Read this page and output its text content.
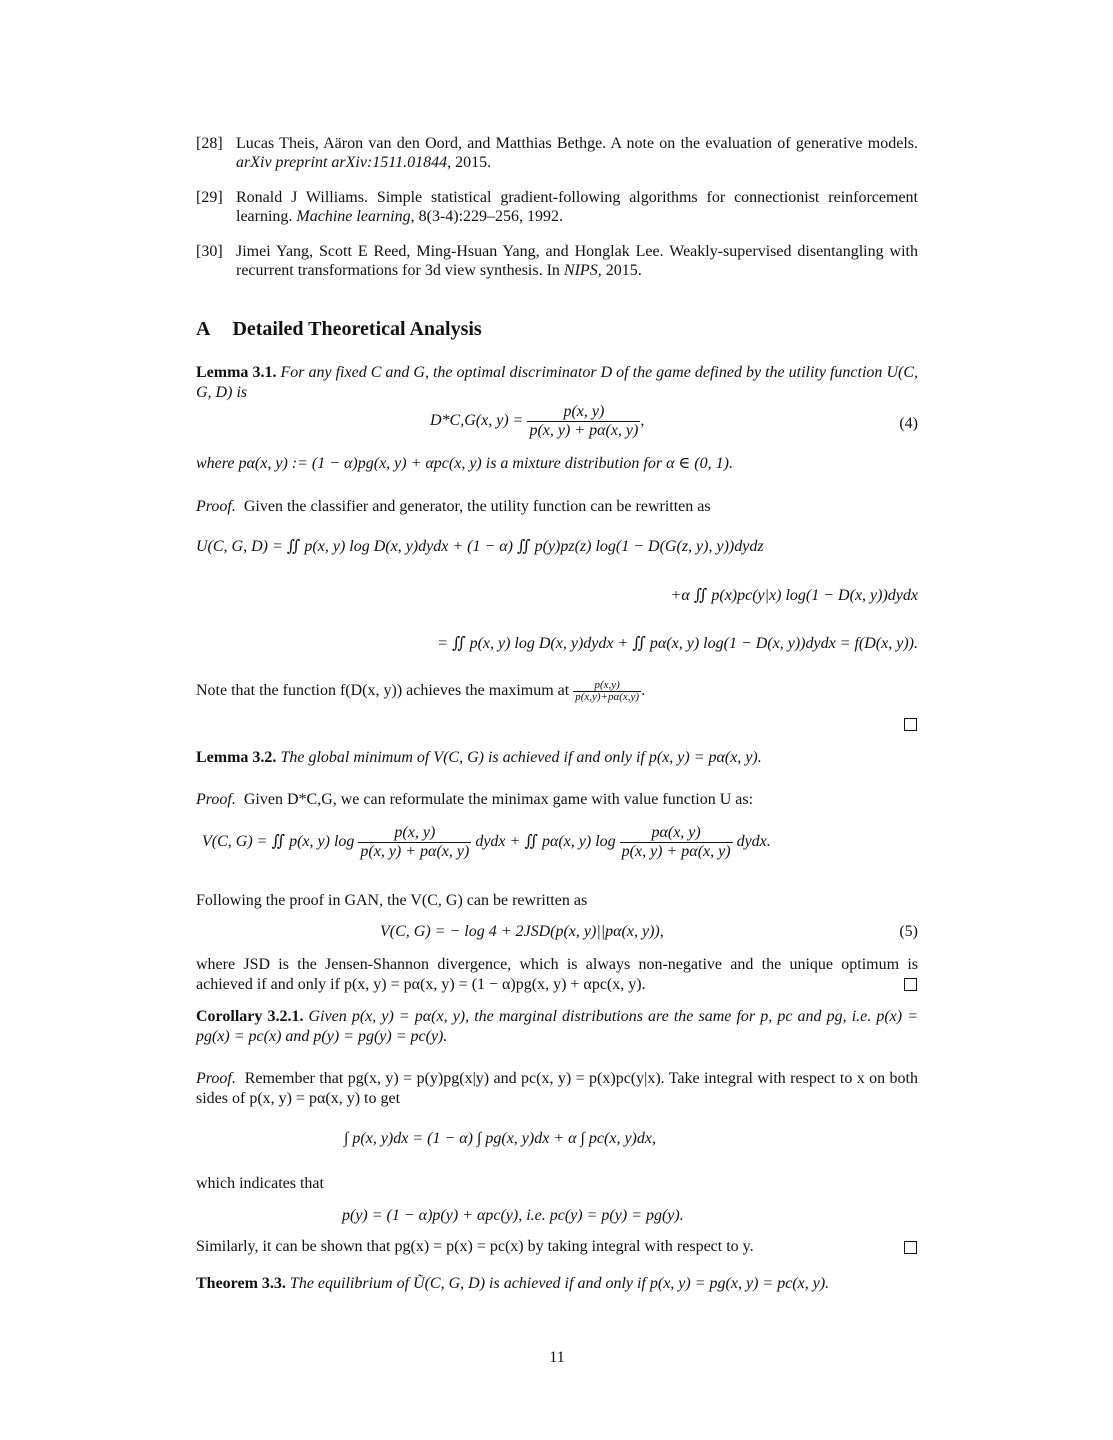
[28] Lucas Theis, Aäron van den Oord, and Matthias Bethge. A note on the evaluation of generative models. arXiv preprint arXiv:1511.01844, 2015.
[29] Ronald J Williams. Simple statistical gradient-following algorithms for connectionist reinforcement learning. Machine learning, 8(3-4):229–256, 1992.
[30] Jimei Yang, Scott E Reed, Ming-Hsuan Yang, and Honglak Lee. Weakly-supervised disentangling with recurrent transformations for 3d view synthesis. In NIPS, 2015.
A Detailed Theoretical Analysis
Lemma 3.1. For any fixed C and G, the optimal discriminator D of the game defined by the utility function U(C, G, D) is
D*C,G(x, $y) = \frac{p(x, y)}{p(x, y) + p\alpha(x, y)}$ ,	(4)
where pα(x, y) := (1 − α)pg(x, y) + αpc(x, y) is a mixture distribution for α ∈ (0, 1).
Proof. Given the classifier and generator, the utility function can be rewritten as
U(C, G, D) = ∬ p(x, y) log D(x, y)dydx + (1 − α) ∬ p(y)pz(z) log(1 − D(G(z, y), y))dydz
+α ∬ p(x)pc(y|x) log(1 − D(x, y))dydx
= ∬ p(x, y) log D(x, y)dydx + ∬ pα(x, y) log(1 − D(x, y))dydx = f(D(x, y)).
Note that the function f(D(x, y)) achieves the maximum at $\frac{p(x,y)}{p(x,y)+p\alpha(x,y)}$ .
Lemma 3.2. The global minimum of V(C, G) is achieved if and only if p(x, y) = pα(x, y).
Proof. Given D*C,G, we can reformulate the minimax game with value function U as:
V(C, G) = ∬ p(x, y) $\log \frac{p(x, y)}{p(x, y) + p\alpha(x, y)}$ dydx + ∬ pα(x, y) $\log \frac{p\alpha(x, y)}{p(x, y) + p\alpha(x, y)}$ dydx.
Following the proof in GAN, the V(C, G) can be rewritten as
V(C, G) = − log 4 + 2JSD(p(x, y)||pα(x, y)),	(5)
where JSD is the Jensen-Shannon divergence, which is always non-negative and the unique optimum is achieved if and only if p(x, y) = pα(x, y) = (1 − α)pg(x, y) + αpc(x, y).
Corollary 3.2.1. Given p(x, y) = pα(x, y), the marginal distributions are the same for p, pc and pg, i.e. p(x) = pg(x) = pc(x) and p(y) = pg(y) = pc(y).
Proof. Remember that pg(x, y) = p(y)pg(x|y) and pc(x, y) = p(x)pc(y|x). Take integral with respect to x on both sides of p(x, y) = pα(x, y) to get
∫ p(x, y)dx = (1 − α) ∫ pg(x, y)dx + α ∫ pc(x, y)dx,
which indicates that
p(y) = (1 − α)p(y) + αpc(y), i.e. pc(y) = p(y) = pg(y).
Similarly, it can be shown that pg(x) = p(x) = pc(x) by taking integral with respect to y.
Theorem 3.3. The equilibrium of Ũ(C, G, D) is achieved if and only if p(x, y) = pg(x, y) = pc(x, y).
11
